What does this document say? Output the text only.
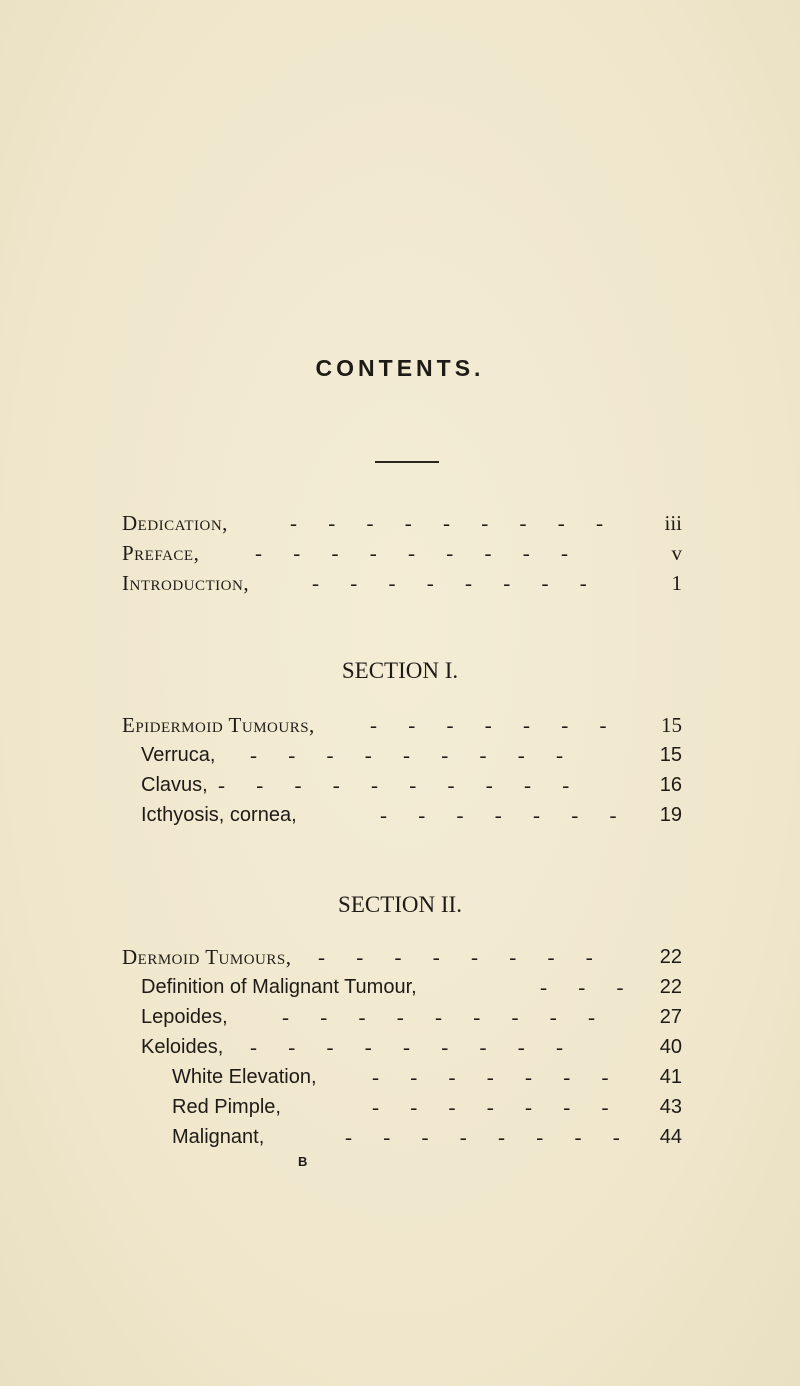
CONTENTS.
Dedication,	- - - - - - - - - iii
Preface,	- - - - - - - - -	v
Introduction,	- - - - - - - -	1
SECTION I.
Epidermoid Tumours,	- - - - - - - 15
Verruca, - - - - - - - - -	15
Clavus, - - - - - - - - - -	16
Icthyosis, cornea,	- - - - - - - 19
SECTION II.
Dermoid Tumours, - - - - - - - -	22
Definition of Malignant Tumour,	- - - 22
Lepoides,	- - - - - - - - -	27
Keloides, - - - - - - - - -	40
White Elevation,	- - - - - - - 41
Red Pimple,	- - - - - - - 43
Malignant,	- - - - - - - - 44
B
